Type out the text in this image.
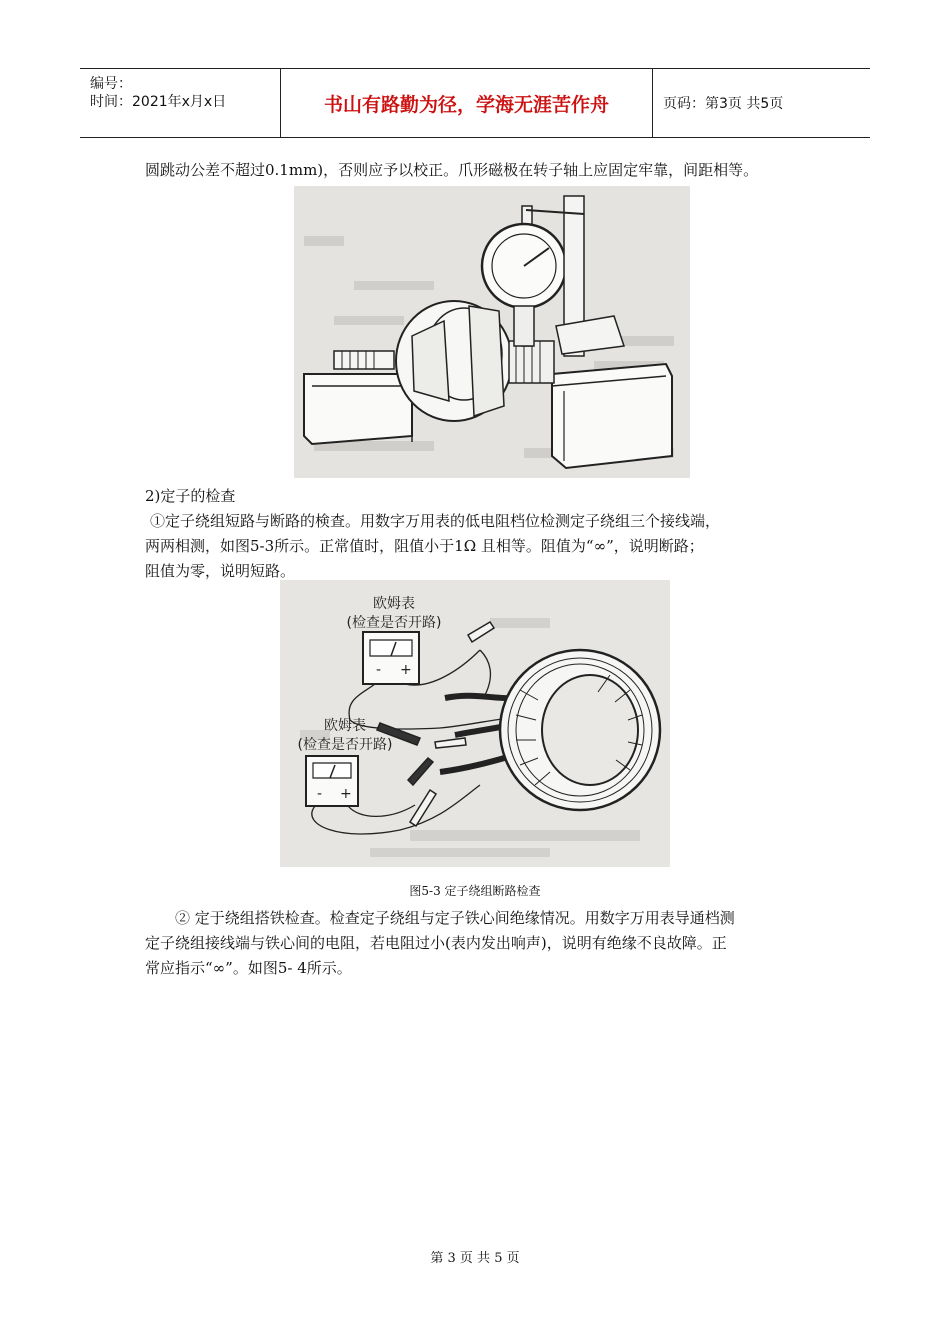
编号：
时间：2021年x月x日	书山有路勤为径，学海无涯苦作舟	页码：第3页 共5页

圆跳动公差不超过0.1mm)，否则应予以校正。爪形磁极在转子轴上应固定牢靠，间距相等。

2)定子的检查

①定子绕组短路与断路的検查。用数字万用表的低电阻档位检测定子绕组三个接线端，

两两相测，如图5-3所示。正常值时，阻值小于1Ω 且相等。阻值为“∞”，说明断路；

阻值为零，说明短路。

欧姆表
(检查是否开路)
- +
欧姆表
(检查是否开路)
- +
图5-3 定子绕组断路检查

② 定于绕组搭铁检查。检查定子绕组与定子铁心间绝缘情况。用数字万用表导通档测

定子绕组接线端与铁心间的电阻，若电阻过小(表内发出响声)，说明有绝缘不良故障。正

常应指示“∞”。如图5- 4所示。

第 3 页 共 5 页
